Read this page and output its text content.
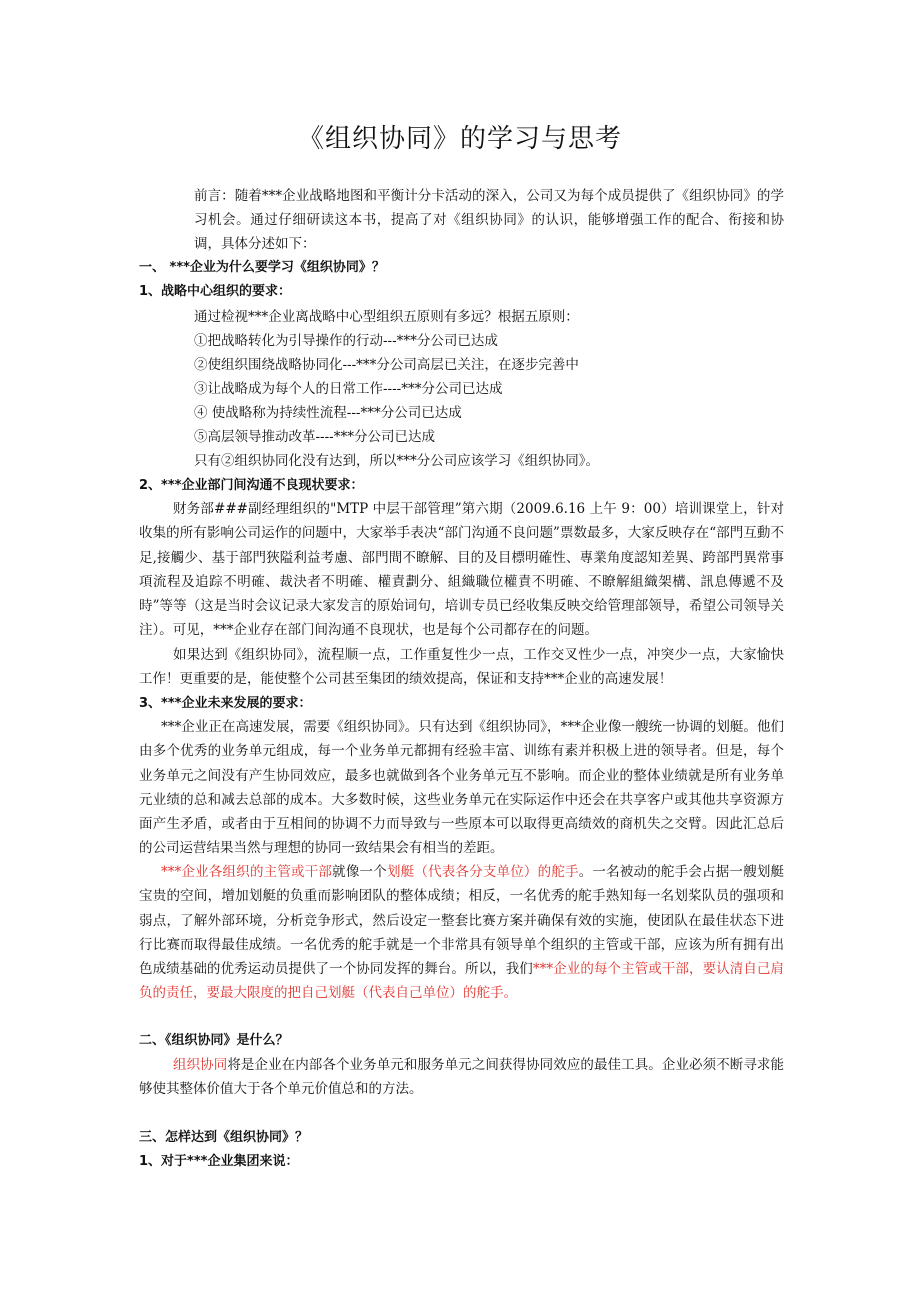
《组织协同》的学习与思考
前言：随着***企业战略地图和平衡计分卡活动的深入，公司又为每个成员提供了《组织协同》的学习机会。通过仔细研读这本书，提高了对《组织协同》的认识，能够增强工作的配合、衔接和协调，具体分述如下：
一、 ***企业为什么要学习《组织协同》？
1、战略中心组织的要求：
通过检视***企业离战略中心型组织五原则有多远？根据五原则：
①把战略转化为引导操作的行动---***分公司已达成
②使组织围绕战略协同化---***分公司高层已关注，在逐步完善中
③让战略成为每个人的日常工作----***分公司已达成
④ 使战略称为持续性流程---***分公司已达成
⑤高层领导推动改革----***分公司已达成
只有②组织协同化没有达到，所以***分公司应该学习《组织协同》。
2、***企业部门间沟通不良现状要求：
财务部###副经理组织的"MTP 中层干部管理”第六期（2009.6.16 上午 9：00）培训课堂上，针对收集的所有影响公司运作的问题中，大家举手表决“部门沟通不良问题”票数最多，大家反映存在“部門互動不足,接觸少、基于部門狹隘利益考慮、部門間不瞭解、目的及目標明確性、專業角度認知差異、跨部門異常事項流程及追踪不明確、裁決者不明確、權責劃分、組織職位權責不明確、不瞭解組織架構、訊息傳遞不及時”等等（这是当时会议记录大家发言的原始词句，培训专员已经收集反映交给管理部领导，希望公司领导关注）。可见，***企业存在部门间沟通不良现状，也是每个公司都存在的问题。
如果达到《组织协同》，流程顺一点，工作重复性少一点，工作交叉性少一点，冲突少一点，大家愉快工作！更重要的是，能使整个公司甚至集团的绩效提高，保证和支持***企业的高速发展！
3、***企业未来发展的要求：
***企业正在高速发展，需要《组织协同》。只有达到《组织协同》，***企业像一艘统一协调的划艇。他们由多个优秀的业务单元组成，每一个业务单元都拥有经验丰富、训练有素并积极上进的领导者。但是，每个业务单元之间没有产生协同效应，最多也就做到各个业务单元互不影响。而企业的整体业绩就是所有业务单元业绩的总和减去总部的成本。大多数时候，这些业务单元在实际运作中还会在共享客户或其他共享资源方面产生矛盾，或者由于互相间的协调不力而导致与一些原本可以取得更高绩效的商机失之交臂。因此汇总后的公司运营结果当然与理想的协同一致结果会有相当的差距。
***企业各组织的主管或干部就像一个划艇（代表各分支单位）的舵手。一名被动的舵手会占据一艘划艇宝贵的空间，增加划艇的负重而影响团队的整体成绩；相反，一名优秀的舵手熟知每一名划桨队员的强项和弱点，了解外部环境，分析竞争形式，然后设定一整套比赛方案并确保有效的实施，使团队在最佳状态下进行比赛而取得最佳成绩。一名优秀的舵手就是一个非常具有领导单个组织的主管或干部，应该为所有拥有出色成绩基础的优秀运动员提供了一个协同发挥的舞台。所以，我们***企业的每个主管或干部，要认清自己肩负的责任，要最大限度的把自己划艇（代表自己单位）的舵手。
二、《组织协同》是什么？
组织协同将是企业在内部各个业务单元和服务单元之间获得协同效应的最佳工具。企业必须不断寻求能够使其整体价值大于各个单元价值总和的方法。
三、怎样达到《组织协同》？
1、对于***企业集团来说：
